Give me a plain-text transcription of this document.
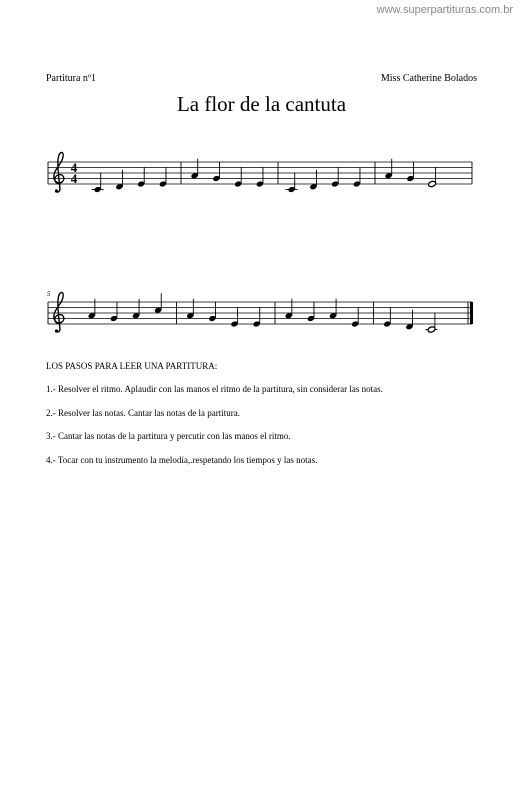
www.superpartituras.com.br
Partitura nº1	Miss Catherine Bolados
La flor de la cantuta
4
4
5

LOS PASOS PARA LEER UNA PARTITURA:

1.- Resolver el ritmo. Aplaudir con las manos el ritmo de la partitura, sin considerar las notas.

2.- Resolver las notas. Cantar las notas de la partitura.

3.- Cantar las notas de la partitura y percutir con las manos el ritmo.

4.- Tocar con tu instrumento la melodía,.respetando los tiempos y las notas.
